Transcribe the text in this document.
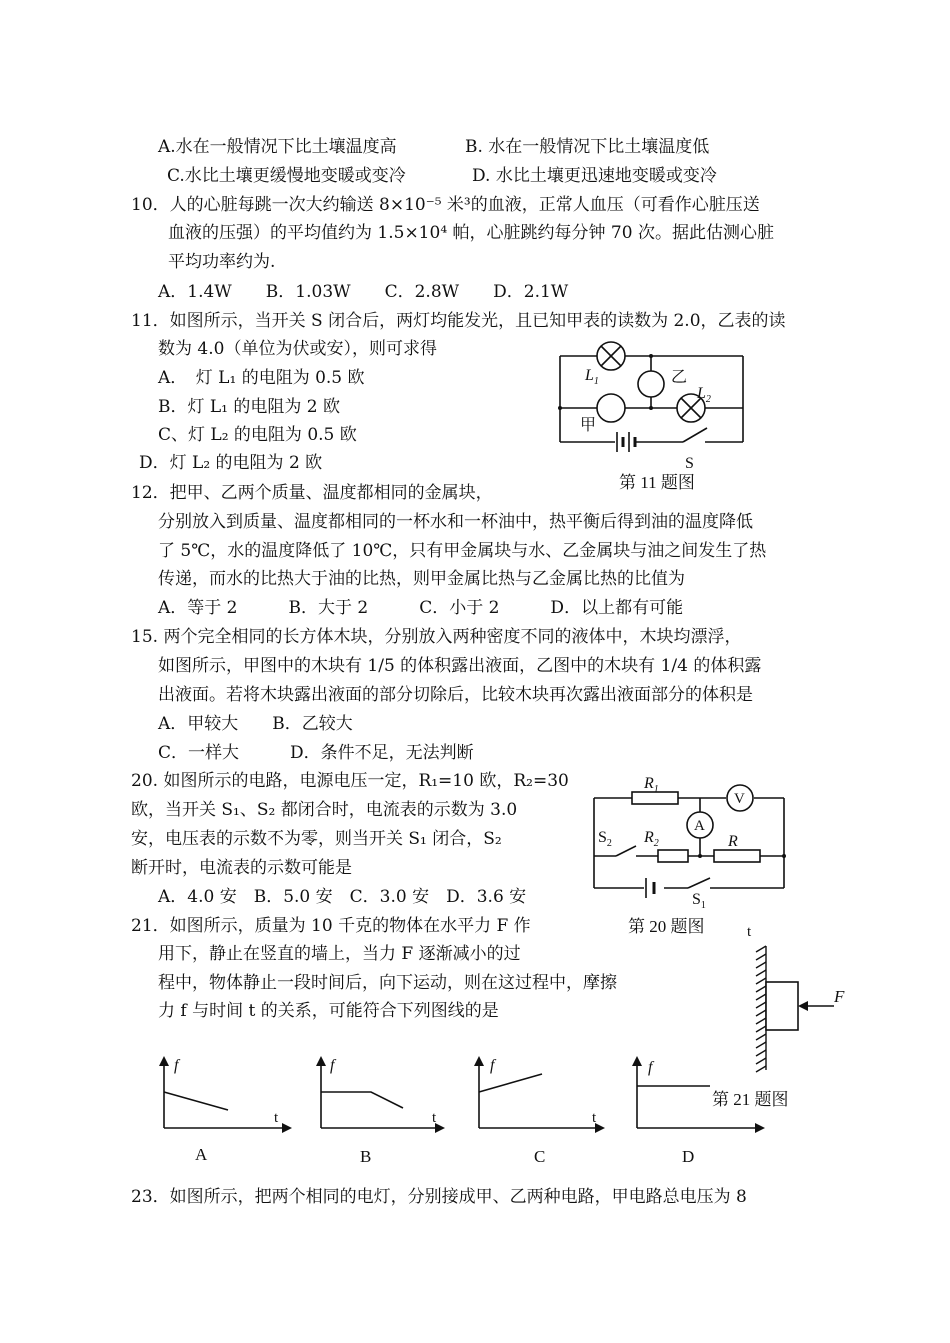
A.水在一般情况下比土壤温度高	B. 水在一般情况下比土壤温度低
C.水比土壤更缓慢地变暖或变冷	D. 水比土壤更迅速地变暖或变冷
10．人的心脏每跳一次大约输送 8×10⁻⁵ 米³的血液，正常人血压（可看作心脏压送
血液的压强）的平均值约为 1.5×10⁴ 帕，心脏跳约每分钟 70 次。据此估测心脏
平均功率约为.
A．1.4W　　B．1.03W　　C．2.8W　　D．2.1W
11．如图所示，当开关 S 闭合后，两灯均能发光，且已知甲表的读数为 2.0，乙表的读
数为 4.0（单位为伏或安），则可求得
A．　灯 L₁ 的电阻为 0.5 欧
B．灯 L₁ 的电阻为 2 欧
C、灯 L₂ 的电阻为 0.5 欧
D．灯 L₂ 的电阻为 2 欧
12．把甲、乙两个质量、温度都相同的金属块，
分别放入到质量、温度都相同的一杯水和一杯油中，热平衡后得到油的温度降低
了 5℃，水的温度降低了 10℃，只有甲金属块与水、乙金属块与油之间发生了热
传递，而水的比热大于油的比热，则甲金属比热与乙金属比热的比值为
A．等于 2　　　B．大于 2　　　C．小于 2　　　D．以上都有可能
15. 两个完全相同的长方体木块，分别放入两种密度不同的液体中，木块均漂浮，
如图所示，甲图中的木块有 1/5 的体积露出液面，乙图中的木块有 1/4 的体积露
出液面。若将木块露出液面的部分切除后，比较木块再次露出液面部分的体积是
A．甲较大　　B．乙较大
C．一样大　　　D．条件不足，无法判断
20. 如图所示的电路，电源电压一定，R₁=10 欧，R₂=30
欧，当开关 S₁、S₂ 都闭合时，电流表的示数为 3.0
安，电压表的示数不为零，则当开关 S₁ 闭合，S₂
断开时，电流表的示数可能是
A．4.0 安　B．5.0 安　C．3.0 安　D．3.6 安
21．如图所示，质量为 10 千克的物体在水平力 F 作
用下，静止在竖直的墙上，当力 F 逐渐减小的过
程中，物体静止一段时间后，向下运动，则在这过程中，摩擦
力 f 与时间 t 的关系，可能符合下列图线的是
23．如图所示，把两个相同的电灯，分别接成甲、乙两种电路，甲电路总电压为 8
$L_1$	乙
$L_2$
甲
S
第 11 题图
$R_1$
V
A
$S_2$ $R_2$	R
$S_1$
第 20 题图	t
F
第 21 题图
f
t
A
f
t
B
f
t
C
f
D
